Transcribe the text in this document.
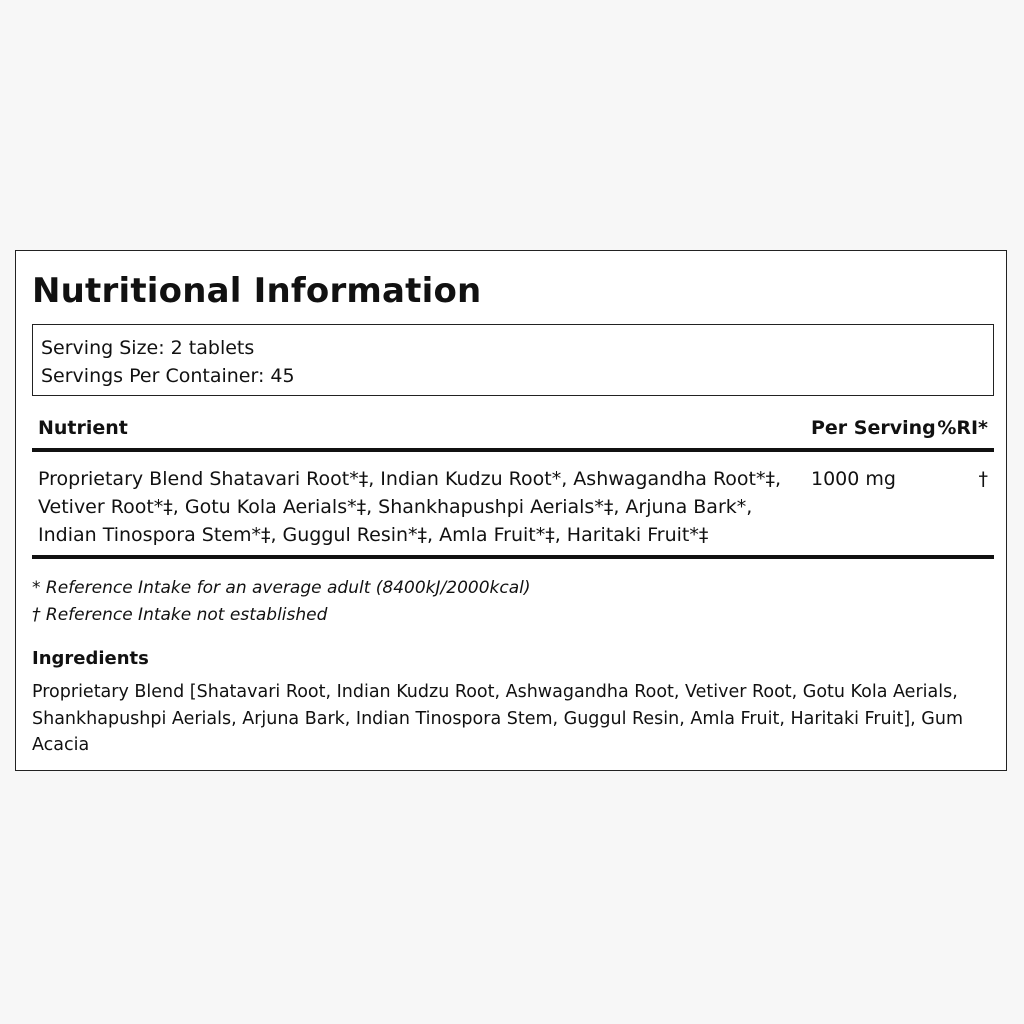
Nutritional Information
Serving Size: 2 tablets
Servings Per Container: 45
Nutrient	Per Serving %RI*
Proprietary Blend Shatavari Root*‡, Indian Kudzu Root*, Ashwagandha Root*‡, Vetiver Root*‡, Gotu Kola Aerials*‡, Shankhapushpi Aerials*‡, Arjuna Bark*, Indian Tinospora Stem*‡, Guggul Resin*‡, Amla Fruit*‡, Haritaki Fruit*‡
1000 mg	†
* Reference Intake for an average adult (8400kJ/2000kcal)
† Reference Intake not established
Ingredients
Proprietary Blend [Shatavari Root, Indian Kudzu Root, Ashwagandha Root, Vetiver Root, Gotu Kola Aerials, Shankhapushpi Aerials, Arjuna Bark, Indian Tinospora Stem, Guggul Resin, Amla Fruit, Haritaki Fruit], Gum Acacia
